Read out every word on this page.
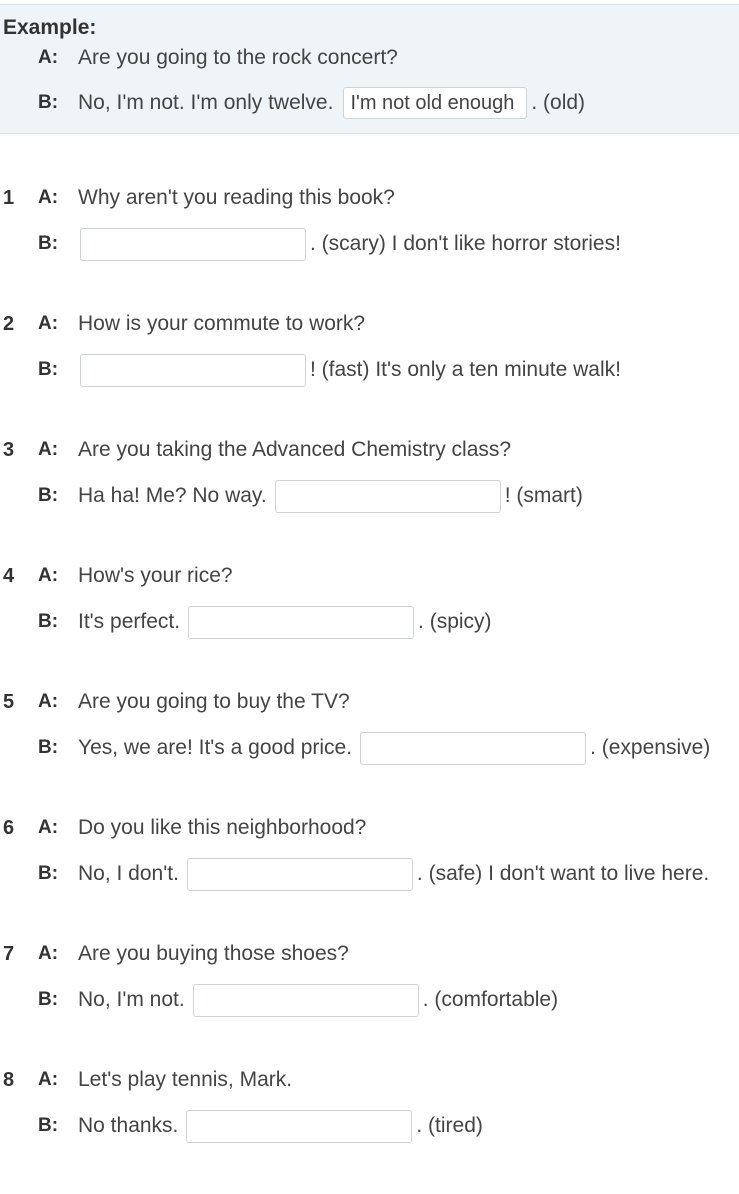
Example:
A: Are you going to the rock concert?
B: No, I'm not. I'm only twelve. I'm not old enough . (old)
1	A: Why aren't you reading this book?
B:	. (scary) I don't like horror stories!
2	A: How is your commute to work?
B:	! (fast) It's only a ten minute walk!
3	A: Are you taking the Advanced Chemistry class?
B: Ha ha! Me? No way.	! (smart)
4	A: How's your rice?
B: It's perfect.	. (spicy)
5	A: Are you going to buy the TV?
B: Yes, we are! It's a good price.	. (expensive)
6	A: Do you like this neighborhood?
B: No, I don't.	. (safe) I don't want to live here.
7	A: Are you buying those shoes?
B: No, I'm not.	. (comfortable)
8	A: Let's play tennis, Mark.
B: No thanks.	. (tired)
